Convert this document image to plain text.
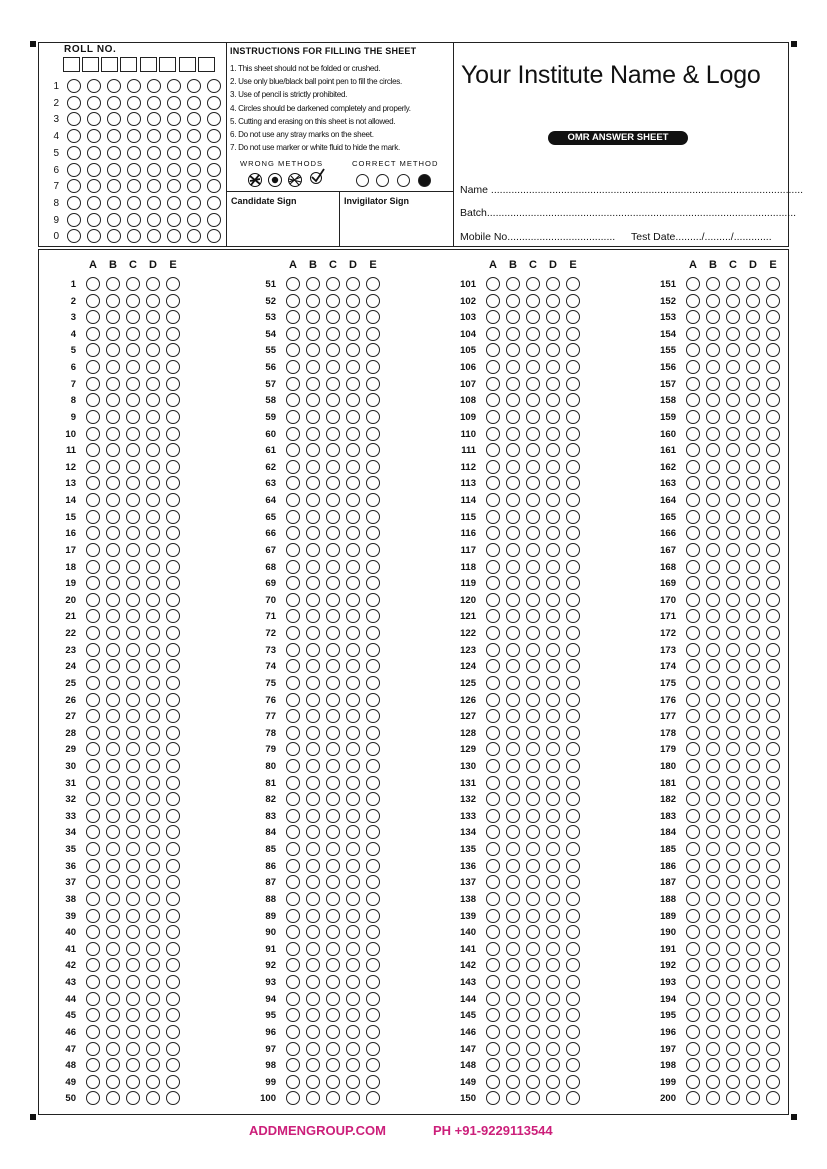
ROLL NO.
1
2
3
4
5
6
7
8
9
0
INSTRUCTIONS FOR FILLING THE SHEET
1. This sheet should not be folded or crushed.
2. Use only blue/black ball point pen to fill the circles.
3. Use of pencil is strictly prohibited.
4. Circles should be darkened completely and properly.
5. Cutting and erasing on this sheet is not allowed.
6. Do not use any stray marks on the sheet.
7. Do not use marker or white fluid to hide the mark.
WRONG METHODS	CORRECT METHOD
Candidate Sign	Invigilator Sign
Your Institute Name & Logo
OMR ANSWER SHEET
Name ...........................................................................................................
Batch..........................................................................................................
Mobile No..................................... Test Date........./........./.............
A	B	C	D	E
1
2
3
4
5
6
7
8
9
10
11
12
13
14
15
16
17
18
19
20
21
22
23
24
25
26
27
28
29
30
31
32
33
34
35
36
37
38
39
40
41
42
43
44
45
46
47
48
49
50
A	B	C	D	E
51
52
53
54
55
56
57
58
59
60
61
62
63
64
65
66
67
68
69
70
71
72
73
74
75
76
77
78
79
80
81
82
83
84
85
86
87
88
89
90
91
92
93
94
95
96
97
98
99
100
A	B	C	D	E
101
102
103
104
105
106
107
108
109
110
111
112
113
114
115
116
117
118
119
120
121
122
123
124
125
126
127
128
129
130
131
132
133
134
135
136
137
138
139
140
141
142
143
144
145
146
147
148
149
150
A	B	C	D	E
151
152
153
154
155
156
157
158
159
160
161
162
163
164
165
166
167
168
169
170
171
172
173
174
175
176
177
178
179
180
181
182
183
184
185
186
187
188
189
190
191
192
193
194
195
196
197
198
199
200
ADDMENGROUP.COM	PH +91-9229113544
